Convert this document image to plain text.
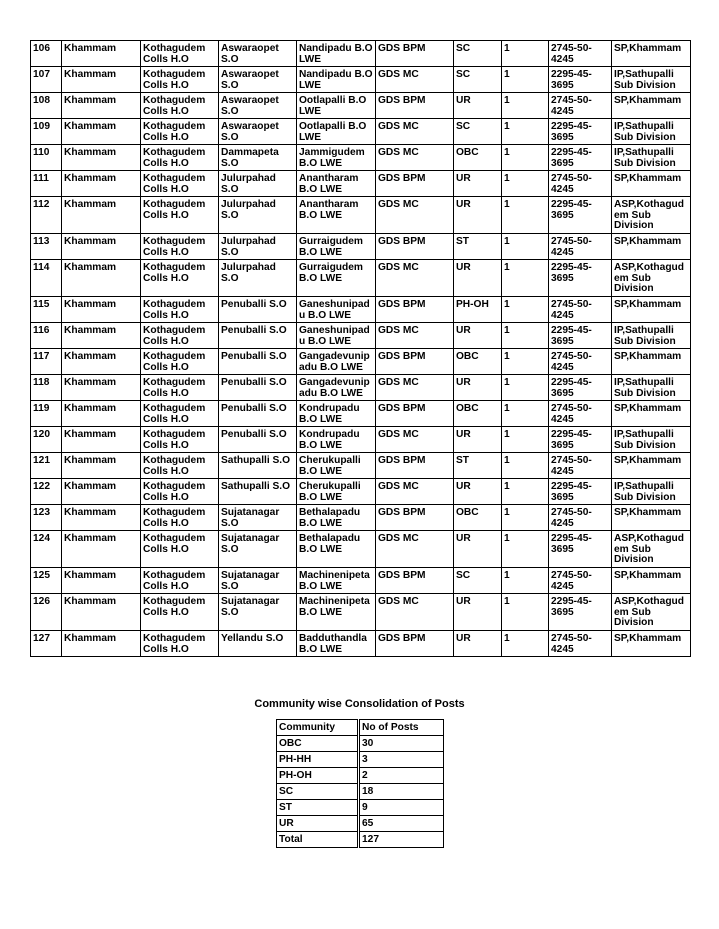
106	Khammam	Kothagudem Colls H.O	Aswaraopet S.O	Nandipadu B.O LWE	GDS BPM	SC	1	2745-50-4245	SP,Khammam
107	Khammam	Kothagudem Colls H.O	Aswaraopet S.O	Nandipadu B.O LWE	GDS MC	SC	1	2295-45-3695	IP,Sathupalli Sub Division
108	Khammam	Kothagudem Colls H.O	Aswaraopet S.O	Ootlapalli B.O LWE	GDS BPM	UR	1	2745-50-4245	SP,Khammam
109	Khammam	Kothagudem Colls H.O	Aswaraopet S.O	Ootlapalli B.O LWE	GDS MC	SC	1	2295-45-3695	IP,Sathupalli Sub Division
110	Khammam	Kothagudem Colls H.O	Dammapeta S.O	Jammigudem B.O LWE	GDS MC	OBC	1	2295-45-3695	IP,Sathupalli Sub Division
111	Khammam	Kothagudem Colls H.O	Julurpahad S.O	Anantharam B.O LWE	GDS BPM	UR	1	2745-50-4245	SP,Khammam
112	Khammam	Kothagudem Colls H.O	Julurpahad S.O	Anantharam B.O LWE	GDS MC	UR	1	2295-45-3695	ASP,Kothagudem Sub Division
113	Khammam	Kothagudem Colls H.O	Julurpahad S.O	Gurraigudem B.O LWE	GDS BPM	ST	1	2745-50-4245	SP,Khammam
114	Khammam	Kothagudem Colls H.O	Julurpahad S.O	Gurraigudem B.O LWE	GDS MC	UR	1	2295-45-3695	ASP,Kothagudem Sub Division
115	Khammam	Kothagudem Colls H.O	Penuballi S.O	Ganeshunipadu B.O LWE	GDS BPM	PH-OH	1	2745-50-4245	SP,Khammam
116	Khammam	Kothagudem Colls H.O	Penuballi S.O	Ganeshunipadu B.O LWE	GDS MC	UR	1	2295-45-3695	IP,Sathupalli Sub Division
117	Khammam	Kothagudem Colls H.O	Penuballi S.O	Gangadevunipadu B.O LWE	GDS BPM	OBC	1	2745-50-4245	SP,Khammam
118	Khammam	Kothagudem Colls H.O	Penuballi S.O	Gangadevunipadu B.O LWE	GDS MC	UR	1	2295-45-3695	IP,Sathupalli Sub Division
119	Khammam	Kothagudem Colls H.O	Penuballi S.O	Kondrupadu B.O LWE	GDS BPM	OBC	1	2745-50-4245	SP,Khammam
120	Khammam	Kothagudem Colls H.O	Penuballi S.O	Kondrupadu B.O LWE	GDS MC	UR	1	2295-45-3695	IP,Sathupalli Sub Division
121	Khammam	Kothagudem Colls H.O	Sathupalli S.O	Cherukupalli B.O LWE	GDS BPM	ST	1	2745-50-4245	SP,Khammam
122	Khammam	Kothagudem Colls H.O	Sathupalli S.O	Cherukupalli B.O LWE	GDS MC	UR	1	2295-45-3695	IP,Sathupalli Sub Division
123	Khammam	Kothagudem Colls H.O	Sujatanagar S.O	Bethalapadu B.O LWE	GDS BPM	OBC	1	2745-50-4245	SP,Khammam
124	Khammam	Kothagudem Colls H.O	Sujatanagar S.O	Bethalapadu B.O LWE	GDS MC	UR	1	2295-45-3695	ASP,Kothagudem Sub Division
125	Khammam	Kothagudem Colls H.O	Sujatanagar S.O	Machinenipeta B.O LWE	GDS BPM	SC	1	2745-50-4245	SP,Khammam
126	Khammam	Kothagudem Colls H.O	Sujatanagar S.O	Machinenipeta B.O LWE	GDS MC	UR	1	2295-45-3695	ASP,Kothagudem Sub Division
127	Khammam	Kothagudem Colls H.O	Yellandu S.O	Badduthandla B.O LWE	GDS BPM	UR	1	2745-50-4245	SP,Khammam
Community wise Consolidation of Posts
Community	No of Posts
OBC	30
PH-HH	3
PH-OH	2
SC	18
ST	9
UR	65
Total	127
